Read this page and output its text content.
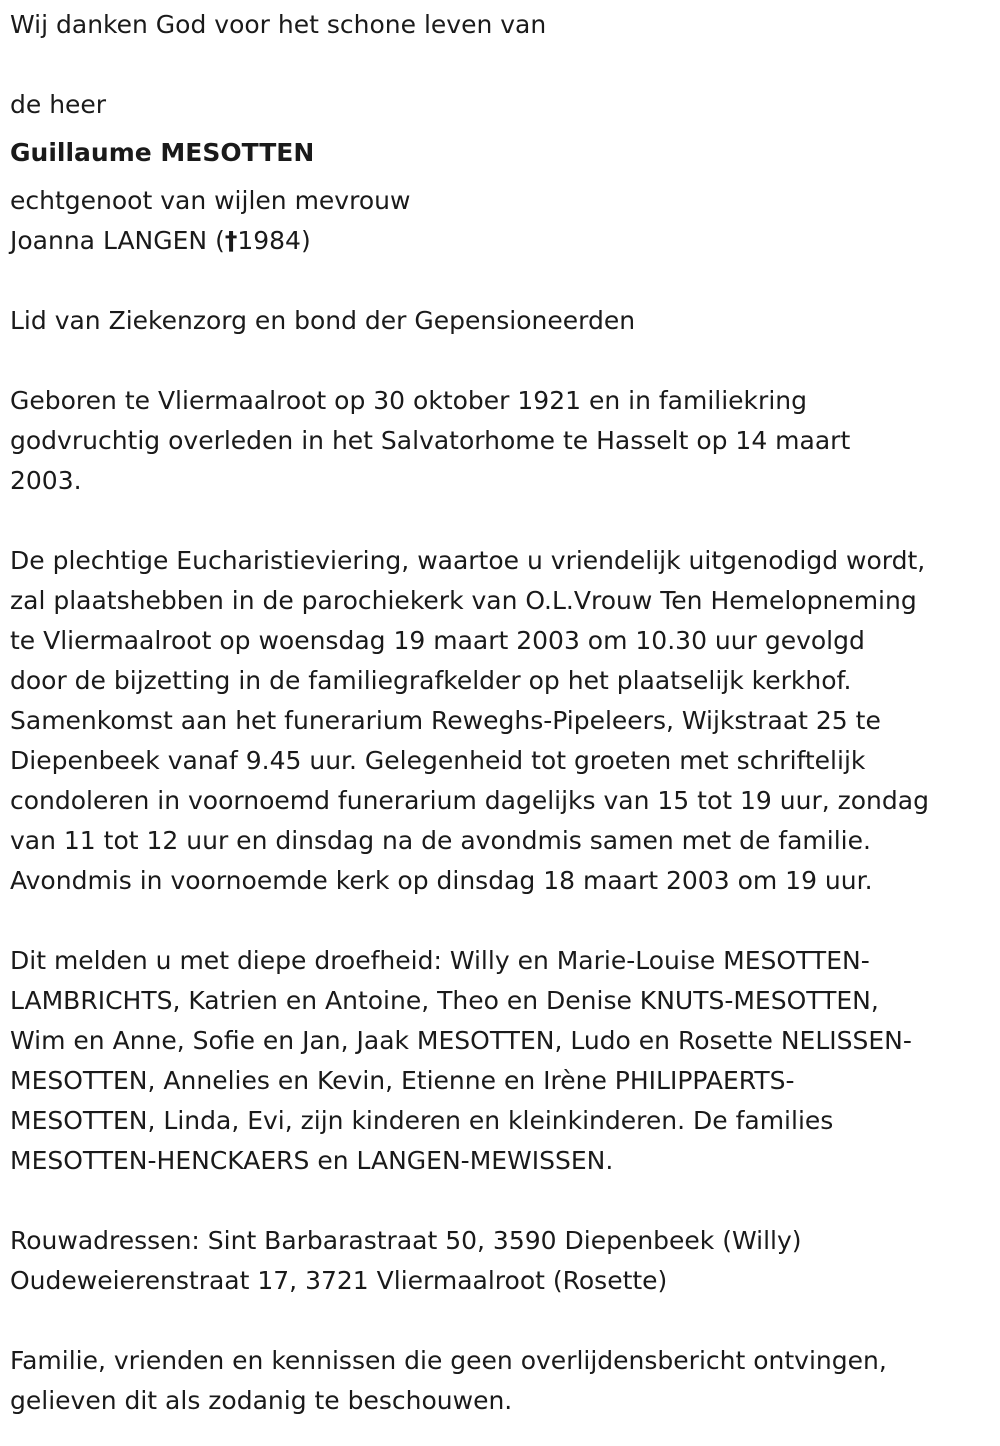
Wij danken God voor het schone leven van
de heer
Guillaume MESOTTEN
echtgenoot van wijlen mevrouw
Joanna LANGEN (†1984)
Lid van Ziekenzorg en bond der Gepensioneerden
Geboren te Vliermaalroot op 30 oktober 1921 en in familiekring
godvruchtig overleden in het Salvatorhome te Hasselt op 14 maart
2003.
De plechtige Eucharistieviering, waartoe u vriendelijk uitgenodigd wordt,
zal plaatshebben in de parochiekerk van O.L.Vrouw Ten Hemelopneming
te Vliermaalroot op woensdag 19 maart 2003 om 10.30 uur gevolgd
door de bijzetting in de familiegrafkelder op het plaatselijk kerkhof.
Samenkomst aan het funerarium Reweghs-Pipeleers, Wijkstraat 25 te
Diepenbeek vanaf 9.45 uur. Gelegenheid tot groeten met schriftelijk
condoleren in voornoemd funerarium dagelijks van 15 tot 19 uur, zondag
van 11 tot 12 uur en dinsdag na de avondmis samen met de familie.
Avondmis in voornoemde kerk op dinsdag 18 maart 2003 om 19 uur.
Dit melden u met diepe droefheid: Willy en Marie-Louise MESOTTEN-
LAMBRICHTS, Katrien en Antoine, Theo en Denise KNUTS-MESOTTEN,
Wim en Anne, Sofie en Jan, Jaak MESOTTEN, Ludo en Rosette NELISSEN-
MESOTTEN, Annelies en Kevin, Etienne en Irène PHILIPPAERTS-
MESOTTEN, Linda, Evi, zijn kinderen en kleinkinderen. De families
MESOTTEN-HENCKAERS en LANGEN-MEWISSEN.
Rouwadressen: Sint Barbarastraat 50, 3590 Diepenbeek (Willy)
Oudeweierenstraat 17, 3721 Vliermaalroot (Rosette)
Familie, vrienden en kennissen die geen overlijdensbericht ontvingen,
gelieven dit als zodanig te beschouwen.
